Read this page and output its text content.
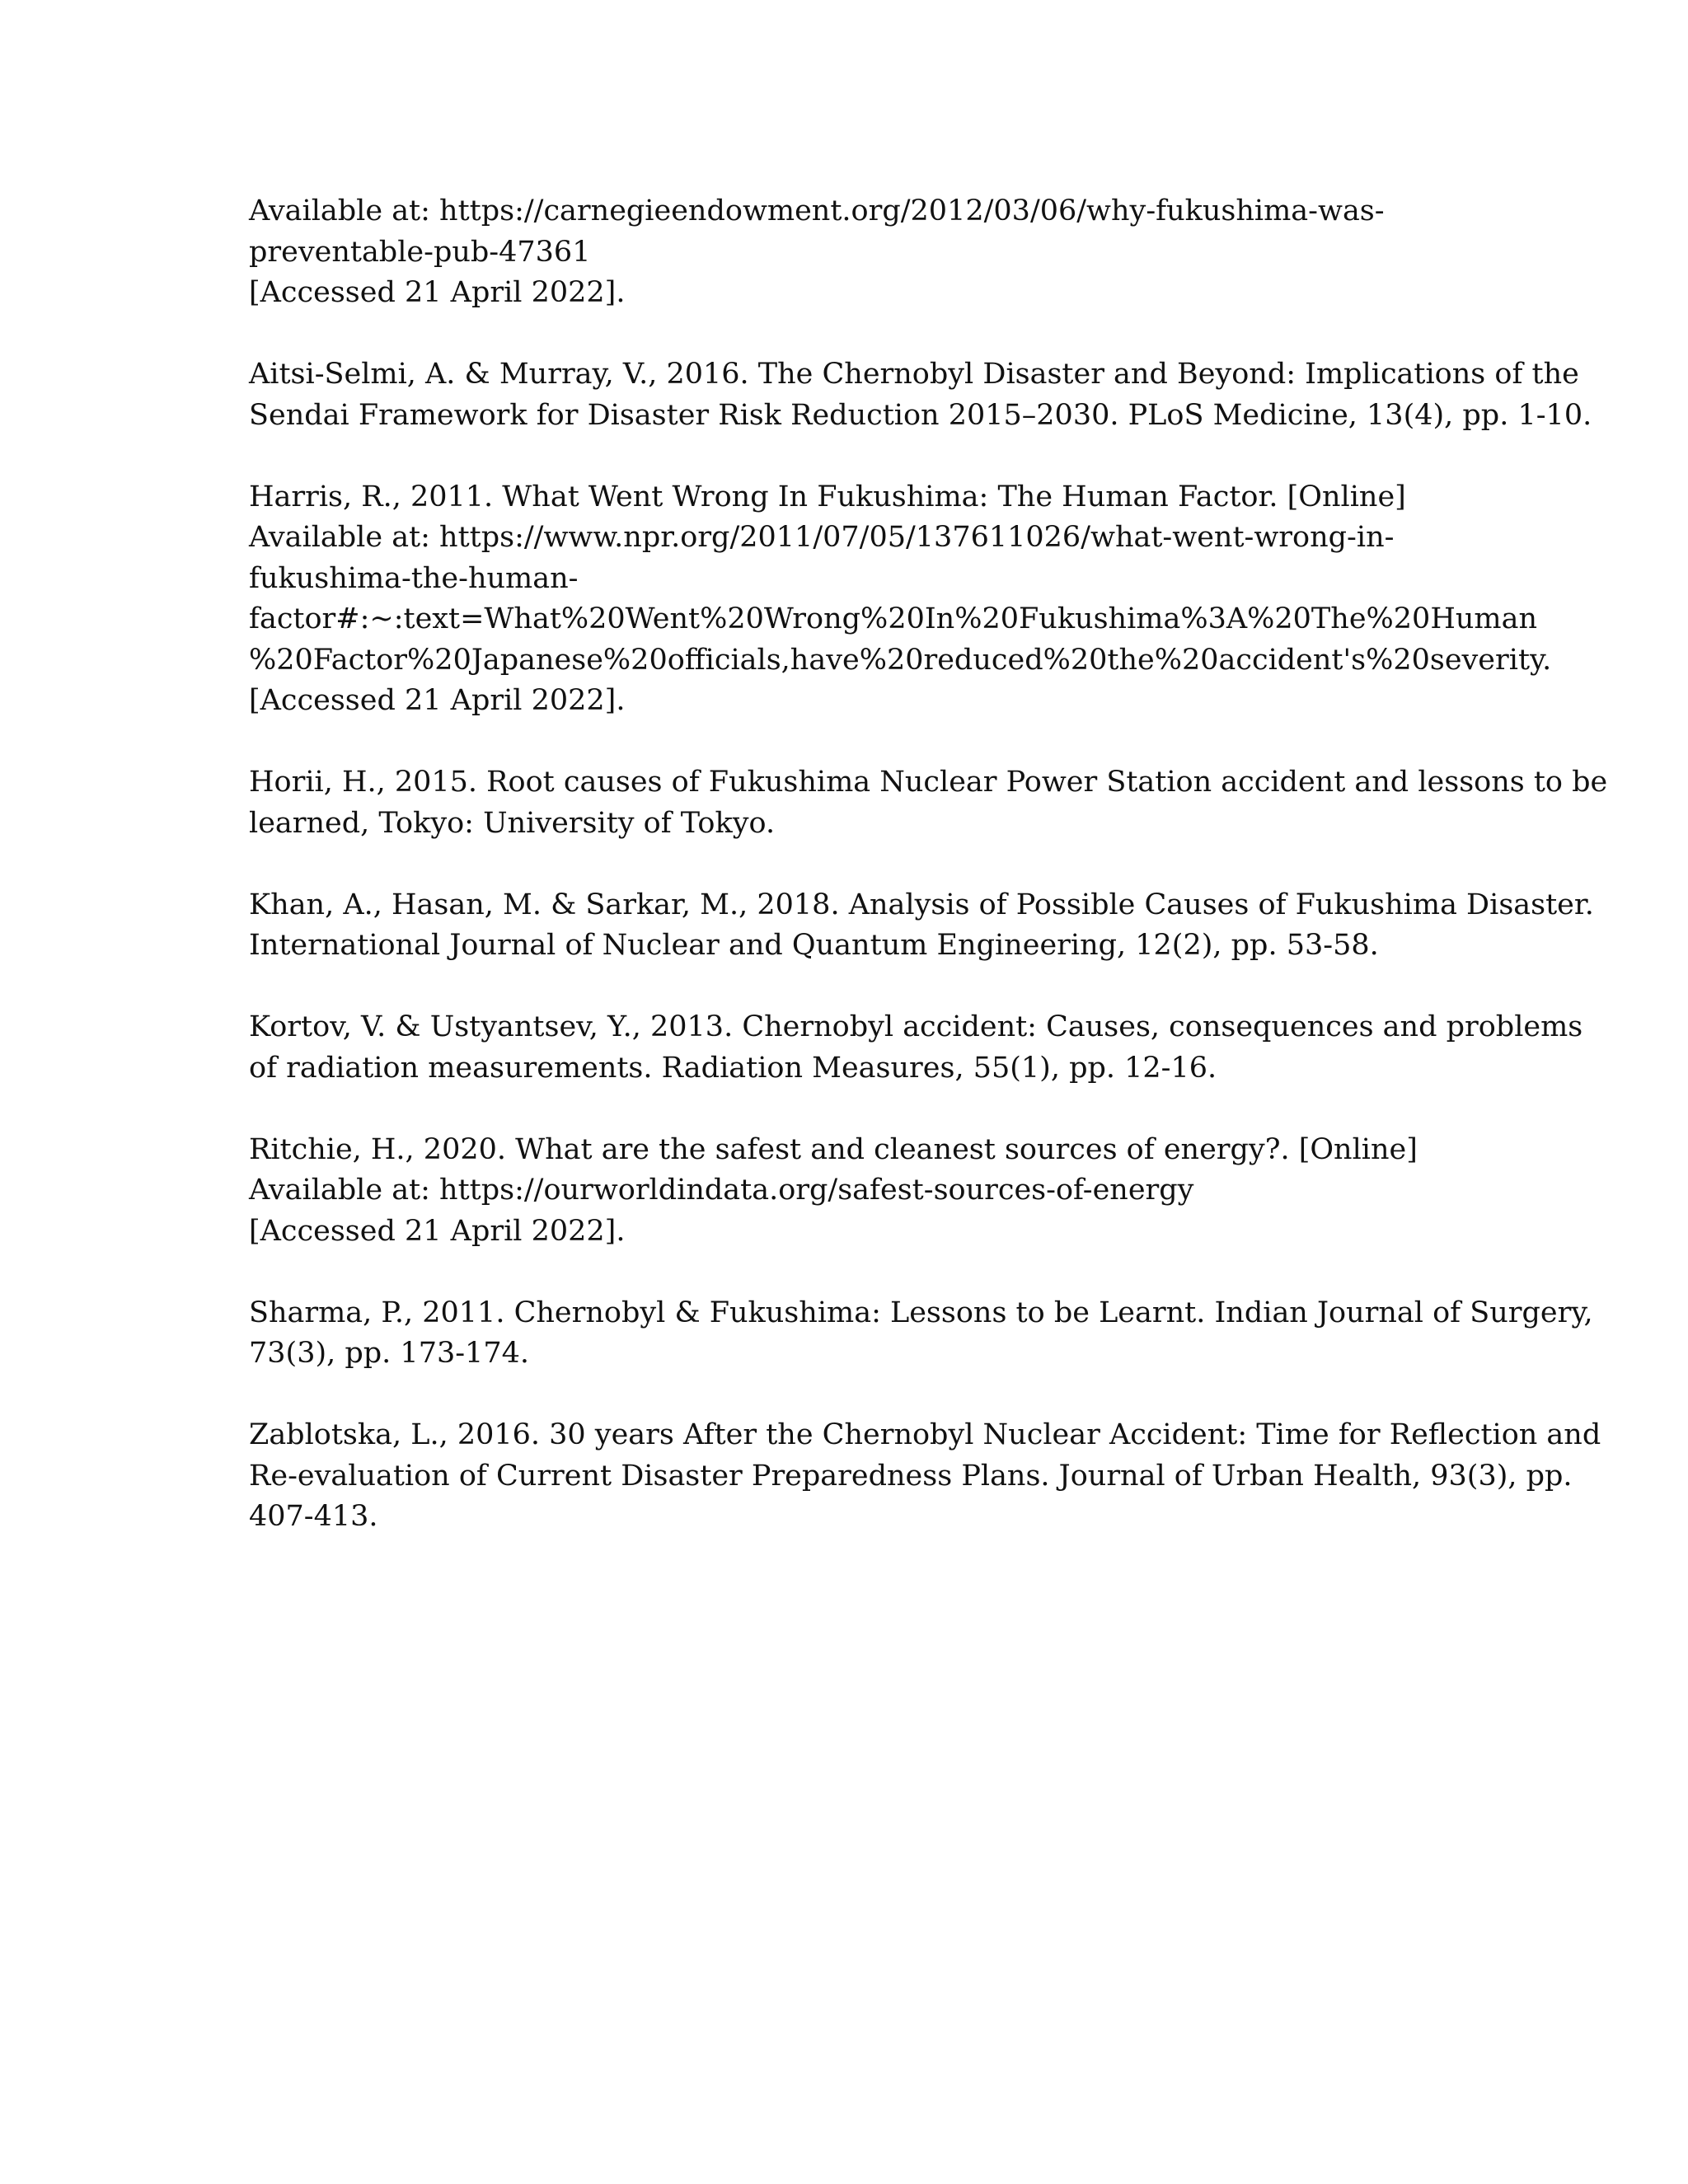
Available at: https://carnegieendowment.org/2012/03/06/why-fukushima-was-
preventable-pub-47361
[Accessed 21 April 2022].
Aitsi-Selmi, A. & Murray, V., 2016. The Chernobyl Disaster and Beyond: Implications of the
Sendai Framework for Disaster Risk Reduction 2015–2030. PLoS Medicine, 13(4), pp. 1-10.
Harris, R., 2011. What Went Wrong In Fukushima: The Human Factor. [Online]
Available at: https://www.npr.org/2011/07/05/137611026/what-went-wrong-in-
fukushima-the-human-
factor#:~:text=What%20Went%20Wrong%20In%20Fukushima%3A%20The%20Human
%20Factor%20Japanese%20officials,have%20reduced%20the%20accident's%20severity.
[Accessed 21 April 2022].
Horii, H., 2015. Root causes of Fukushima Nuclear Power Station accident and lessons to be
learned, Tokyo: University of Tokyo.
Khan, A., Hasan, M. & Sarkar, M., 2018. Analysis of Possible Causes of Fukushima Disaster.
International Journal of Nuclear and Quantum Engineering, 12(2), pp. 53-58.
Kortov, V. & Ustyantsev, Y., 2013. Chernobyl accident: Causes, consequences and problems
of radiation measurements. Radiation Measures, 55(1), pp. 12-16.
Ritchie, H., 2020. What are the safest and cleanest sources of energy?. [Online]
Available at: https://ourworldindata.org/safest-sources-of-energy
[Accessed 21 April 2022].
Sharma, P., 2011. Chernobyl & Fukushima: Lessons to be Learnt. Indian Journal of Surgery,
73(3), pp. 173-174.
Zablotska, L., 2016. 30 years After the Chernobyl Nuclear Accident: Time for Reflection and
Re-evaluation of Current Disaster Preparedness Plans. Journal of Urban Health, 93(3), pp.
407-413.
